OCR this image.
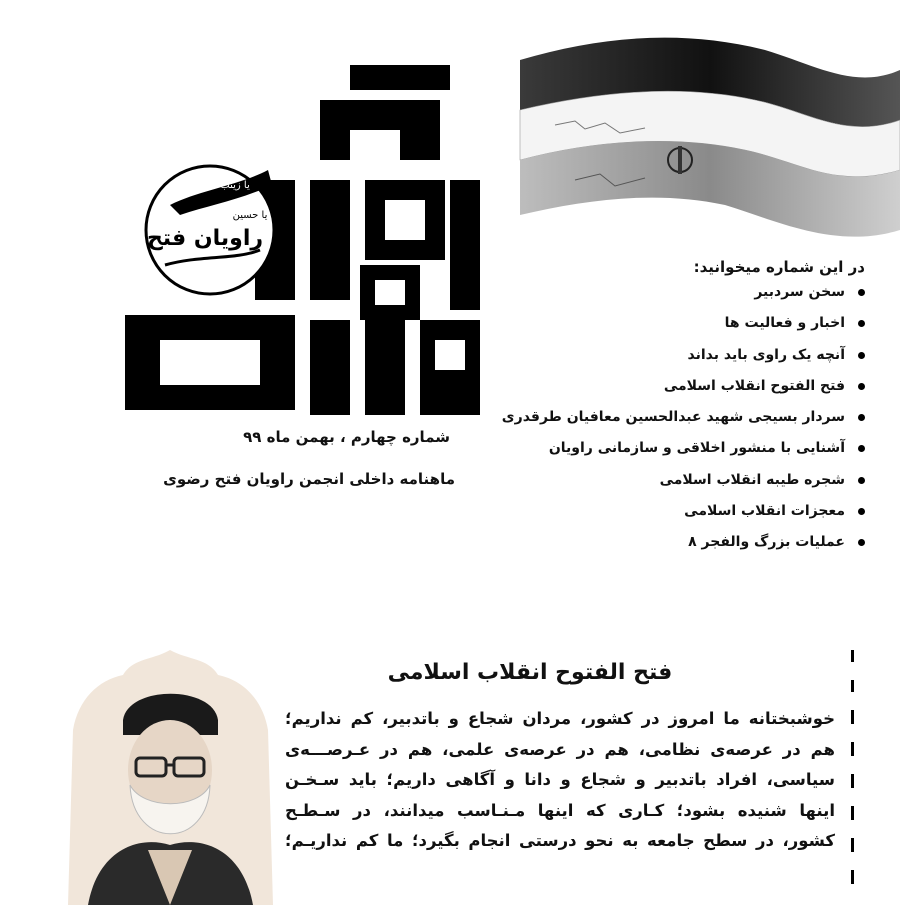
یا زینب
یا حسین
راویان فتح
شماره چهارم ، بهمن ماه ۹۹
ماهنامه داخلی انجمن راویان فتح رضوی
در این شماره میخوانید:
سخن سردبیر
اخبار و فعالیت ها
آنچه یک راوی باید بداند
فتح الفتوح انقلاب اسلامی
سردار بسیجی شهید عبدالحسین معافیان طرقدری
آشنایی با منشور اخلاقی و سازمانی راویان
شجره طیبه انقلاب اسلامی
معجزات انقلاب اسلامی
عملیات بزرگ والفجر ۸
فتح الفتوح انقلاب اسلامی
خوشبختانه ما امروز در کشور، مردان شجاع و باتدبیر، کم نداریم؛
هم در عرصه‌ی نظامی، هم در عرصه‌ی علمی، هم در عـرصـــه‌ی
سیاسی، افراد باتدبیر و شجاع و دانا و آگاهی داریم؛ باید سـخـن
اینها شنیده بشود؛ کـاری که اینها مـنـاسب میدانند، در سـطـح
کشور، در سطح جامعه به نحو درستی انجام بگیرد؛ ما کم نداریـم؛
